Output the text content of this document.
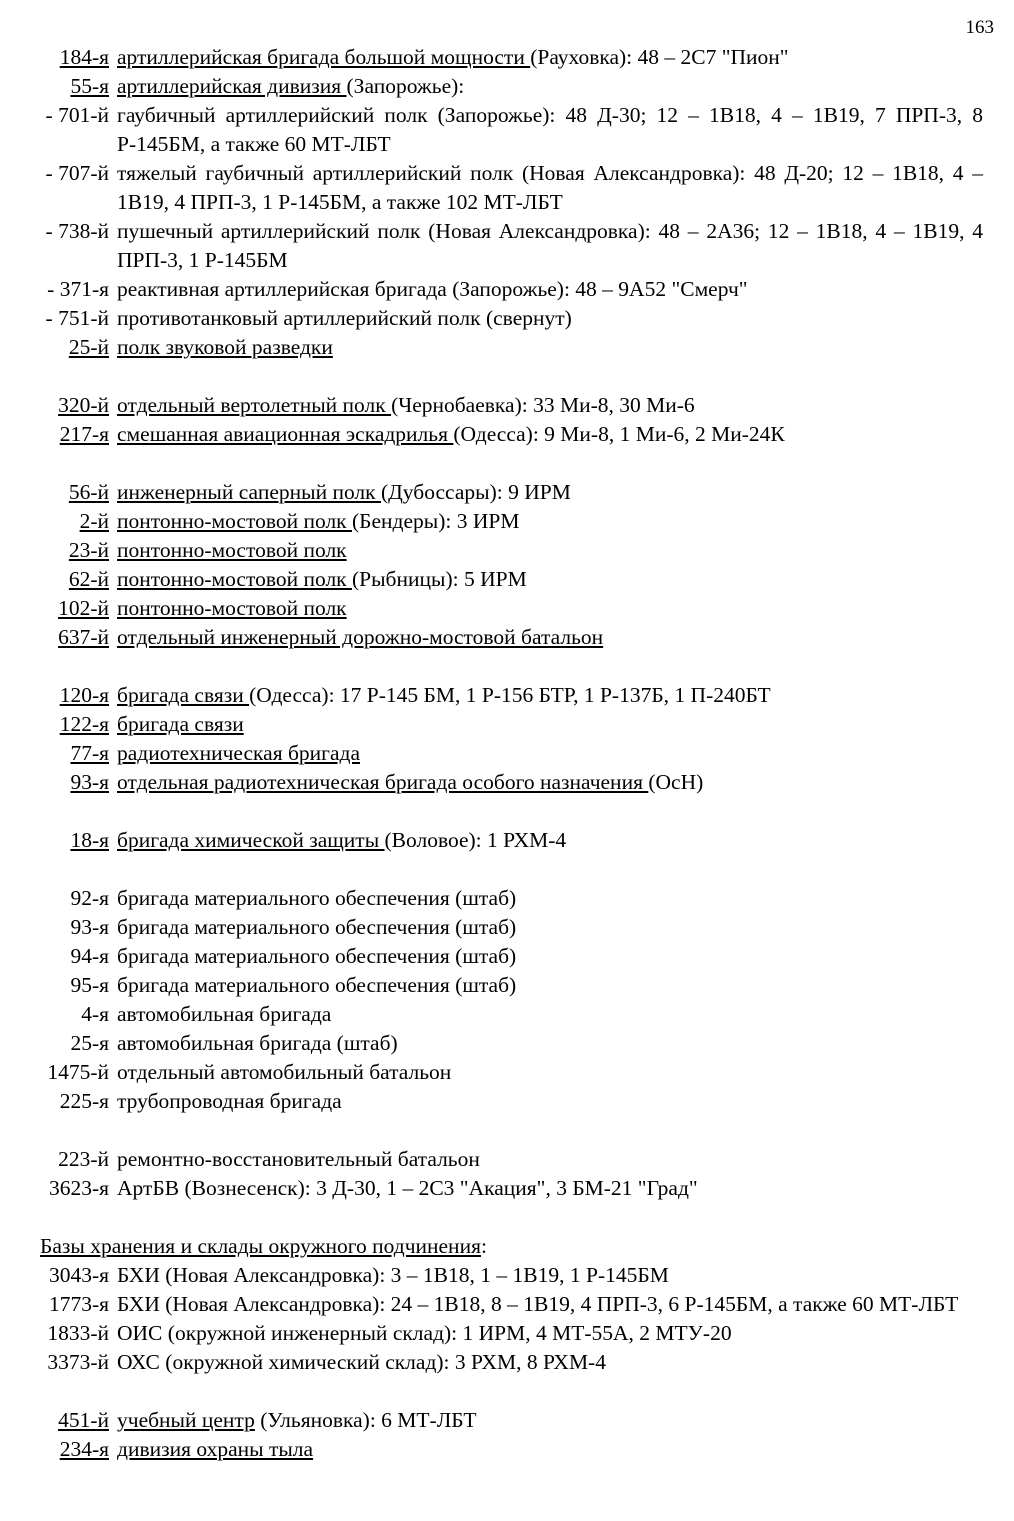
163
184-я артиллерийская бригада большой мощности (Рауховка): 48 – 2С7 "Пион"
55-я артиллерийская дивизия (Запорожье):
- 701-й гаубичный артиллерийский полк (Запорожье): 48 Д-30; 12 – 1В18, 4 – 1В19, 7 ПРП-3, 8 Р-145БМ, а также 60 МТ-ЛБТ
- 707-й тяжелый гаубичный артиллерийский полк (Новая Александровка): 48 Д-20; 12 – 1В18, 4 – 1В19, 4 ПРП-3, 1 Р-145БМ, а также 102 МТ-ЛБТ
- 738-й пушечный артиллерийский полк (Новая Александровка): 48 – 2А36; 12 – 1В18, 4 – 1В19, 4 ПРП-3, 1 Р-145БМ
- 371-я реактивная артиллерийская бригада (Запорожье): 48 – 9А52 "Смерч"
- 751-й противотанковый артиллерийский полк (свернут)
25-й полк звуковой разведки
320-й отдельный вертолетный полк (Чернобаевка): 33 Ми-8, 30 Ми-6
217-я смешанная авиационная эскадрилья (Одесса): 9 Ми-8, 1 Ми-6, 2 Ми-24К
56-й инженерный саперный полк (Дубоссары): 9 ИРМ
2-й понтонно-мостовой полк (Бендеры): 3 ИРМ
23-й понтонно-мостовой полк
62-й понтонно-мостовой полк (Рыбницы): 5 ИРМ
102-й понтонно-мостовой полк
637-й отдельный инженерный дорожно-мостовой батальон
120-я бригада связи (Одесса): 17 Р-145 БМ, 1 Р-156 БТР, 1 Р-137Б, 1 П-240БТ
122-я бригада связи
77-я радиотехническая бригада
93-я отдельная радиотехническая бригада особого назначения (ОсН)
18-я бригада химической защиты (Воловое): 1 РХМ-4
92-я бригада материального обеспечения (штаб)
93-я бригада материального обеспечения (штаб)
94-я бригада материального обеспечения (штаб)
95-я бригада материального обеспечения (штаб)
4-я автомобильная бригада
25-я автомобильная бригада (штаб)
1475-й отдельный автомобильный батальон
225-я трубопроводная бригада
223-й ремонтно-восстановительный батальон
3623-я АртБВ (Вознесенск): 3 Д-30, 1 – 2С3 "Акация", 3 БМ-21 "Град"
Базы хранения и склады окружного подчинения:
3043-я БХИ (Новая Александровка): 3 – 1В18, 1 – 1В19, 1 Р-145БМ
1773-я БХИ (Новая Александровка): 24 – 1В18, 8 – 1В19, 4 ПРП-3, 6 Р-145БМ, а также 60 МТ-ЛБТ
1833-й ОИС (окружной инженерный склад): 1 ИРМ, 4 МТ-55А, 2 МТУ-20
3373-й ОХС (окружной химический склад): 3 РХМ, 8 РХМ-4
451-й учебный центр (Ульяновка): 6 МТ-ЛБТ
234-я дивизия охраны тыла
